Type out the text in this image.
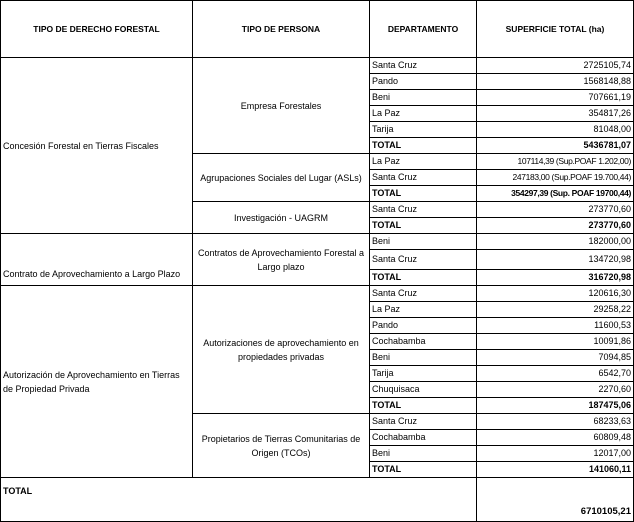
TIPO DE DERECHO FORESTAL	TIPO DE PERSONA	DEPARTAMENTO	SUPERFICIE TOTAL (ha)
Concesión Forestal en Tierras Fiscales	Empresa Forestales	Santa Cruz	2725105,74
		Pando	1568148,88
		Beni	707661,19
		La Paz	354817,26
		Tarija	81048,00
		TOTAL	5436781,07
	Agrupaciones Sociales del Lugar (ASLs)	La Paz	107114,39 (Sup.POAF 1.202,00)
		Santa Cruz	247183,00 (Sup.POAF 19.700,44)
		TOTAL	354297,39 (Sup. POAF 19700,44)
	Investigación - UAGRM	Santa Cruz	273770,60
		TOTAL	273770,60

Contrato de Aprovechamiento a Largo Plazo	Contratos de Aprovechamiento Forestal a Largo plazo	Beni	182000,00
		Santa Cruz	134720,98
		TOTAL	316720,98
Autorización de Aprovechamiento en Tierras de Propiedad Privada	Autorizaciones de aprovechamiento en propiedades privadas	Santa Cruz	120616,30
		La Paz	29258,22
		Pando	11600,53
		Cochabamba	10091,86
		Beni	7094,85
		Tarija	6542,70
		Chuquisaca	2270,60
		TOTAL	187475,06
	Propietarios de Tierras Comunitarias de Origen (TCOs)	Santa Cruz	68233,63
		Cochabamba	60809,48
		Beni	12017,00
		TOTAL	141060,11
TOTAL			6710105,21
